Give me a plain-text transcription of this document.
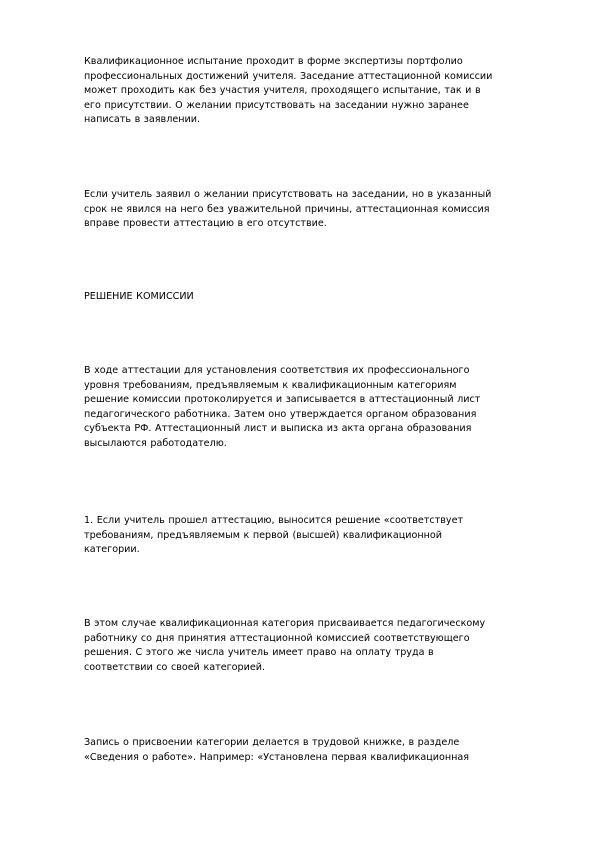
Квалификационное испытание проходит в форме экспертизы портфолио
профессиональных достижений учителя. Заседание аттестационной комиссии
может проходить как без участия учителя, проходящего испытание, так и в
его присутствии. О желании присутствовать на заседании нужно заранее
написать в заявлении.

Если учитель заявил о желании присутствовать на заседании, но в указанный
срок не явился на него без уважительной причины, аттестационная комиссия
вправе провести аттестацию в его отсутствие.

РЕШЕНИЕ КОМИССИИ

В ходе аттестации для установления соответствия их профессионального
уровня требованиям, предъявляемым к квалификационным категориям
решение комиссии протоколируется и записывается в аттестационный лист
педагогического работника. Затем оно утверждается органом образования
субъекта РФ. Аттестационный лист и выписка из акта органа образования
высылаются работодателю.

1. Если учитель прошел аттестацию, выносится решение «соответствует
требованиям, предъявляемым к первой (высшей) квалификационной
категории.

В этом случае квалификационная категория присваивается педагогическому
работнику со дня принятия аттестационной комиссией соответствующего
решения. С этого же числа учитель имеет право на оплату труда в
соответствии со своей категорией.

Запись о присвоении категории делается в трудовой книжке, в разделе
«Сведения о работе». Например: «Установлена первая квалификационная
